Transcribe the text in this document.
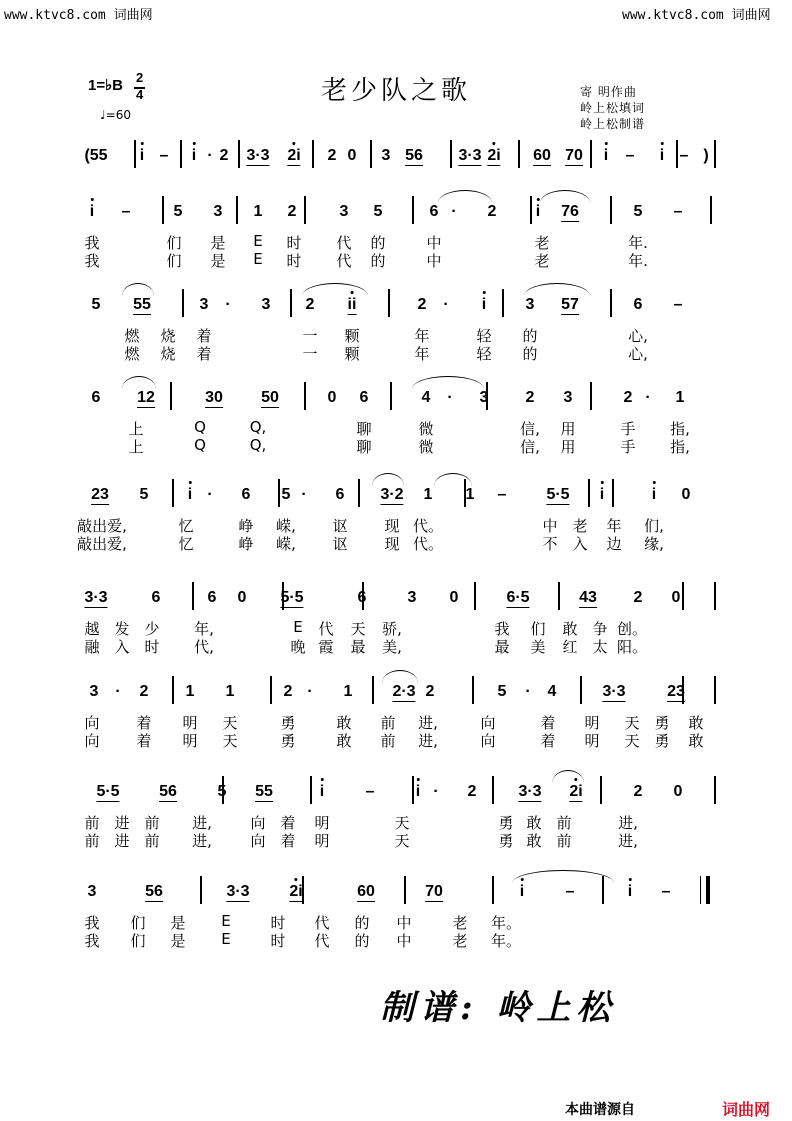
www.ktvc8.com 词曲网	www.ktvc8.com 词曲网
老少队之歌
1=♭B 2
4
♩=60
寄 明作曲
岭上松填词
岭上松制谱
(55 i – i · 2 3·3 2i 2 0 3 56 3·3 2i 60 70 i – i – )
i –	5 3 1 2	3 5	6 · 2 i 76	5 –
我	们 是 E 时 代 的	中	老	年.
我	们 是 E 时 代 的	中	老	年.
5 55	3 · 3 2 ii	2 · i 3 57	6 –
燃 烧 着	一 颗	年	轻 的	心,
燃 烧 着	一 颗	年	轻 的	心,
6 12	30 50	0 6	4 · 3 2 3	2 · 1
上	Q	Q,	聊	微	信, 用	手 指,
上	Q	Q,	聊	微	信, 用	手 指,
23 5 i · 6 5 · 6 3·2 1 1 – 5·5 i	i 0
敲出爱,	忆	峥 嵘, 讴 现 代。	中 老 年 们,
敲出爱,	忆	峥 嵘, 讴 现 代。	不 入 边 缘,
3·3	6	6 0 5·5	6	3 0	6·5	43 2 0
越 发 少 年,	E 代 天 骄,	我 们 敢 争 创。
融 入 时 代,	晚 霞 最 美,	最 美 红 太 阳。
3 · 2 1 1	2 · 1 2·3 2	5 · 4	3·3	23
向 着 明 天	勇	敢 前 进,	向	着 明 天 勇 敢
向 着 明 天	勇	敢 前 进,	向	着 明 天 勇 敢
5·5 56	5 55	i	–	i · 2	3·3 2i	2 0
前 进 前 进,	向 着 明	天	勇 敢 前	进,
前 进 前 进,	向 着 明	天	勇 敢 前	进,
3	56	3·3 2i	60	70	i	–	i –
我 们 是 E	时 代 的 中	老 年。
我 们 是 E	时 代 的 中	老 年。
制谱: 岭上松
本曲谱源自	词曲网
